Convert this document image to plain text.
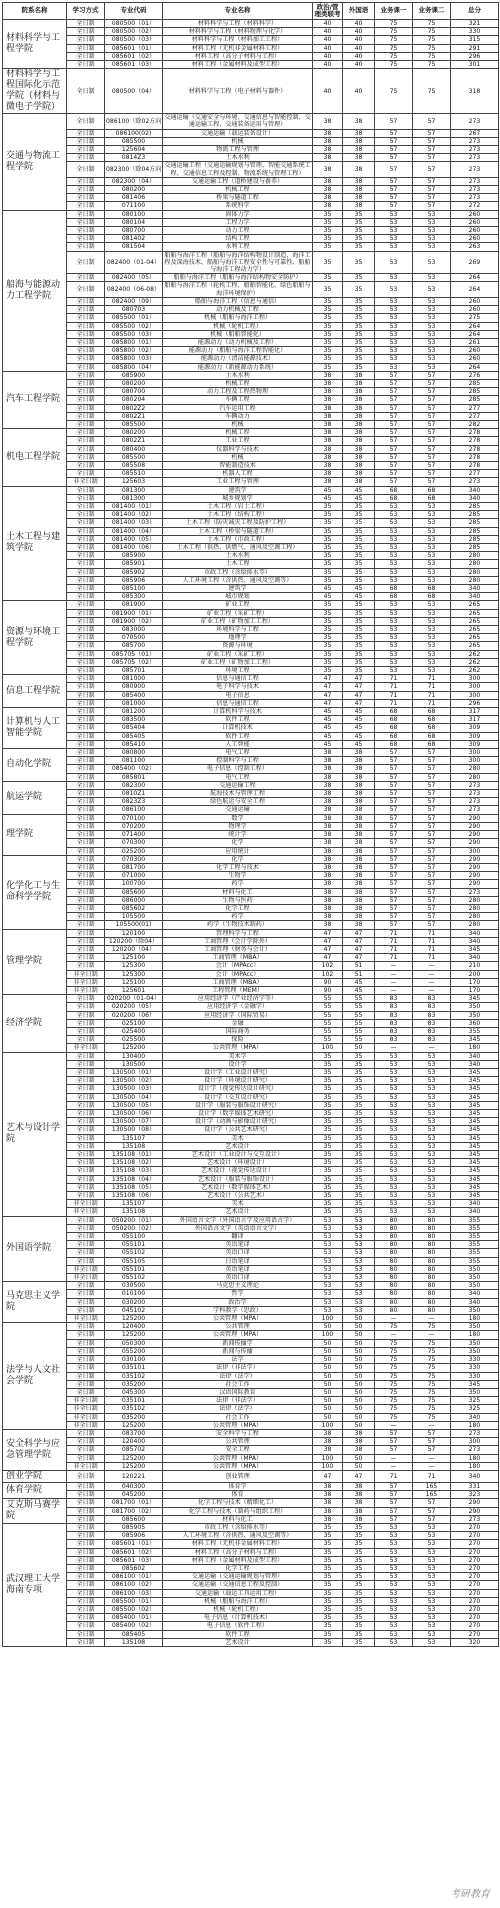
院系名称	学习方式	专业代码	专业名称	政治/管理类联考	外国语	业务课一	业务课二	总分
材料科学与工程学院	全日制	080500（01）	材料科学与工程（材料科学）	40	40	75	75	321
	全日制	080500（02）	材料科学与工程（材料物理与化学）	40	40	75	75	330
	全日制	080500（03）	材料科学与工程（材料加工工程）	40	40	75	75	315
	全日制	085601（01）	材料工程（无机非金属材料工程）	40	40	75	75	291
	全日制	085601（02）	材料工程（高分子材料与工程）	40	40	75	75	296
	全日制	085601（03）	材料工程（金属材料及成型工程）	40	40	75	75	301
材料科学与工程国际化示范学院（材料与微电子学院）	全日制	080500（04）	材料科学与工程（电子材料与器件）	40	40	75	75	318
交通与物流工程学院	全日制	086100（除02方向）	交通运输（交通安全与环境、交通信息与智能控制、交通运输工程、交通装备运用与管理）	38	38	57	57	273
	全日制	086100(02)	交通运输（载运装备设计）	38	38	57	57	267
	全日制	085500	机械	38	38	57	57	273
	全日制	125604	物流工程与管理	38	38	57	57	273
	全日制	0814Z3	土木水利	38	38	57	57	273
	全日制	082300（除04方向）	交通运输工程（交通运输规划与管理、智能交通系统工程、交通信息工程及控制、物流系统与管理工程）	38	38	57	57	273
	全日制	082300（04）	交通运输工程（道桥建设与養养）	38	38	57	57	273
	全日制	080200	机械工程	38	38	57	57	273
	全日制	081406	桥梁与隧道工程	38	38	57	57	273
	全日制	071100	系统科学	38	38	57	57	272
船海与能源动力工程学院	全日制	080100	固体力学	35	35	53	53	260
	全日制	080104	工程力学	35	35	53	53	260
	全日制	080700	动力工程	35	35	53	53	260
	全日制	081402	结构工程	35	35	53	53	260
	全日制	081504	水利工程	35	35	53	53	263
	全日制	082400（01-04）	船舶与海洋工程（船舶与海洋结构物设计制造、海洋工程及深海技术、船舶与海洋工程安全性与可靠性、船舶与海洋工程动力学）	35	35	53	53	269
	全日制	082400（05）	船舶与海洋工程（船舶与海洋结构物安全防护）	35	35	53	53	264
	全日制	082400（06-08）	船舶与海洋工程（轮机工程、船舶智能化、绿色船舶与海洋环境保护）	35	35	53	53	264
	全日制	082400（09）	船舶与海洋工程（信息与通信）	35	35	53	53	260
	全日制	080703	动力机械及工程	35	35	53	53	260
	全日制	085500（01）	机械（船舶与海洋工程）	35	35	53	53	275
	全日制	085500（02）	机械（轮机工程）	35	35	53	53	264
	全日制	085500（03）	机械（船舶智能化）	35	35	53	53	264
	全日制	085800（01）	能源动力（动力机械及工程）	35	35	53	53	261
	全日制	085800（02）	能源动力（船舶与海洋工程智能化）	35	35	53	53	260
	全日制	085800（03）	能源动力（清洁能源技术）	35	35	53	53	260
	全日制	085800（04）	能源动力（新能源动力系统）	35	35	53	53	264
汽车工程学院	全日制	085900	土木水利	38	38	57	57	276
	全日制	080200	机械工程	38	38	57	57	285
	全日制	080700	动力工程及工程热物理	38	38	57	57	285
	全日制	080204	车辆工程	38	38	57	57	285
	全日制	0802Z2	汽车运用工程	38	38	57	57	277
	全日制	0802Z1	车辆动力	38	38	57	57	277
	全日制	085500	机械	38	38	57	57	282
机电工程学院	全日制	080200	机械工程	38	38	57	57	278
	全日制	0802Z1	工业工程	38	38	57	57	278
	全日制	080400	仪器科学与技术	38	38	57	57	278
	全日制	085500	机械	38	38	57	57	278
	全日制	085508	智能制造技术	38	38	57	57	278
	全日制	085510	机器人工程	38	38	57	57	277
	非全日制	125603	工业工程与管理	38	38	57	57	273
土木工程与建筑学院	全日制	081300	建筑学	45	45	68	68	340
	全日制	081300	城乡规划学	45	45	68	68	340
	全日制	081400（01）	土木工程（岩土工程）	35	35	53	53	285
	全日制	081400（02）	土木工程（结构工程）	35	35	53	53	285
	全日制	081400（03）	土木工程（防灾减灾工程及防护工程）	35	35	53	53	285
	全日制	081400（04）	土木工程（桥梁与隧道工程）	35	35	53	53	285
	全日制	081400（05）	土木工程（市政工程）	35	35	53	53	285
	全日制	081400（06）	土木工程（供热、供燃气、通风及空调工程）	35	35	53	53	285
	全日制	085900	土木水利	35	35	53	53	280
	全日制	085901	土木工程	35	35	53	53	280
	全日制	085902	市政工程（含给排水等）	35	35	53	53	280
	全日制	085906	人工环境工程（含供热、通风及空调等）	35	35	53	53	280
	全日制	085100	建筑学	45	45	68	68	340
	全日制	085300	城市规划	45	45	68	68	340
资源与环境工程学院	全日制	081900	矿业工程	35	35	53	53	265
	全日制	081900（01）	矿业工程（采矿工程）	35	35	53	53	265
	全日制	081900（02）	矿业工程（矿物加工工程）	35	35	53	53	265
	全日制	083000	环境科学与工程	35	35	53	53	265
	全日制	070500	地理学	35	35	53	53	265
	全日制	085700	资源与环境	35	35	53	53	265
	全日制	085705（01）	矿业工程（采矿工程）	35	35	53	53	262
	全日制	085705（02）	矿业工程（矿物加工工程）	35	35	53	53	262
	全日制	085701	环境工程	35	35	53	53	262
信息工程学院	全日制	081000	信息与通信工程	47	47	71	71	300
	全日制	080900	电子科学与技术	47	47	71	71	300
	全日制	085400	电子信息	47	47	71	71	300
	全日制	081000	信息与通信工程	47	47	71	71	296
计算机与人工智能学院	全日制	081200	计算机科学与技术	45	45	68	68	317
	全日制	083500	软件工程	45	45	68	68	317
	全日制	085404	计算机技术	45	45	68	68	309
	全日制	085405	软件工程	45	45	68	68	309
	全日制	085410	人工智能	45	45	68	68	309
自动化学院	全日制	080800	电气工程	38	38	57	57	300
	全日制	081100	控制科学与工程	38	38	57	57	300
	全日制	085400（02）	电子信息（控制工程）	38	38	57	57	280
	全日制	085801	电气工程	38	38	57	57	280
航运学院	全日制	082300	交通运输工程	38	38	57	57	273
	全日制	0810Z1	航海技术与管理工程	38	38	57	57	273
	全日制	0823Z3	绿色航运与安全工程	38	38	57	57	273
	全日制	086100	交通运输	38	38	57	57	273
理学院	全日制	070100	数学	38	38	57	57	290
	全日制	070200	物理学	38	38	57	57	290
	全日制	071400	统计学	38	38	57	57	290
	全日制	070300	化学	38	38	57	57	290
	全日制	025200	应用统计	38	38	57	57	300
化学化工与生命科学学院	全日制	070300	化学	38	38	57	57	290
	全日制	081700	化学工程与技术	38	38	57	57	290
	全日制	071000	生物学	38	38	57	57	290
	全日制	100700	药学	38	38	57	57	290
	全日制	085600	材料与化工	38	38	57	57	273
	全日制	086000	生物与医药	38	38	57	57	280
	全日制	085602	化学工程	38	38	57	57	280
	全日制	105500	药学	38	38	57	57	280
	全日制	105500(01)	药学（生物技术制药）	38	38	57	57	280
管理学院	全日制	120100	管理科学与工程	47	47	71	71	340
	全日制	120200（除04）	工商管理（会计学除外）	47	47	71	71	340
	全日制	120200（04）	工商管理（财务与会计）	47	47	71	71	345
	全日制	125100	工商管理（MBA）	47	47	71	71	340
	全日制	125300	会计（MPAcc）	102	51	—	—	210
	非全日制	125300	会计（MPAcc）	102	51	—	—	200
	非全日制	125100	工商管理（MBA）	90	45	—	—	170
	非全日制	125601	工程管理（MEM）	90	45	—	—	170
经济学院	全日制	020200（01-04）	应用经济学（产业经济学等）	55	55	83	83	345
	全日制	020200（05）	应用经济学（金融学）	55	55	83	83	350
	全日制	020200（06）	应用经济学（国际贸易）	55	55	83	83	350
	全日制	025100	金融	55	55	83	83	360
	全日制	025400	国际商务	55	55	83	83	355
	全日制	025500	保险	55	55	83	83	345
	非全日制	125200	公共管理（MPA）	100	50	—	—	180
艺术与设计学院	全日制	130400	美术学	35	35	53	53	340
	全日制	130500	设计学	35	35	53	53	340
	全日制	130500（01）	设计学（工业设计研究）	35	35	53	53	345
	全日制	130500（02）	设计学（环境设计研究）	35	35	53	53	345
	全日制	130500（03）	设计学（视觉传达设计研究）	35	35	53	53	345
	全日制	130500（04）	设计学（交互设计研究）	35	35	53	53	345
	全日制	130500（05）	设计学（服装与服饰设计研究）	35	35	53	53	345
	全日制	130500（06）	设计学（数字媒体艺术研究）	35	35	53	53	345
	全日制	130500（07）	设计学（动画与影像设计研究）	35	35	53	53	345
	全日制	130500（08）	设计学（公共艺术研究）	35	35	53	53	345
	全日制	135107	美术	35	35	53	53	345
	全日制	135108	艺术设计	35	35	53	53	345
	全日制	135108（01）	艺术设计（工业设计与交互设计）	35	35	53	53	345
	全日制	135108（02）	艺术设计（环境设计）	35	35	53	53	345
	全日制	135108（03）	艺术设计（视觉传达设计）	35	35	53	53	345
	全日制	135108（04）	艺术设计（服装与服饰设计）	35	35	53	53	345
	全日制	135108（05）	艺术设计（数字媒体艺术）	35	35	53	53	345
	全日制	135108（06）	艺术设计（公共艺术）	35	35	53	53	345
	非全日制	135107	美术	35	35	53	53	340
	非全日制	135108	艺术设计	35	35	53	53	340
外国语学院	全日制	050200（01）	外国语言文学（外国语言学及应用语言学）	53	53	80	80	355
	全日制	050200（02）	外国语言文学（英语语言文学）	53	53	80	80	355
	全日制	055100	翻译	53	53	80	80	355
	全日制	055101	英语笔译	53	53	80	80	355
	全日制	055102	英语口译	53	53	80	80	355
	全日制	055105	日语笔译	53	53	80	80	355
	非全日制	055101	英语笔译	53	53	80	80	350
	非全日制	055102	英语口译	53	53	80	80	350
马克思主义学院	全日制	030500	马克思主义理论	53	53	80	80	350
	全日制	010100	哲学	53	53	80	80	340
	全日制	030200	政治学	53	53	80	80	340
	全日制	045102	学科教学（思政）	53	53	80	80	350
	非全日制	125200	公共管理（MPA）	100	50	—	—	180
法学与人文社会学院	全日制	120400	公共管理	50	50	75	75	350
	全日制	125200	公共管理（MPA）	100	50	—	—	180
	全日制	050300	新闻传播学	50	50	75	75	350
	全日制	055200	新闻与传播	50	50	75	75	350
	全日制	030100	法学	50	50	75	75	330
	全日制	035101	法律（非法学）	50	50	75	75	330
	全日制	035102	法律（法学）	50	50	75	75	330
	全日制	035200	社会工作	50	50	75	75	345
	全日制	045300	汉语国际教育	50	50	75	75	350
	非全日制	035101	法律（非法学）	50	50	75	75	325
	非全日制	035102	法律（法学）	50	50	75	75	325
	非全日制	035200	社会工作	50	50	75	75	340
	非全日制	125200	公共管理（MPA）	100	50	—	—	180
安全科学与应急管理学院	全日制	083700	安全科学与工程	38	38	57	57	273
	全日制	120400	公共管理	38	38	57	57	300
	全日制	085702	安全工程	38	38	57	57	273
	全日制	125200	公共管理（MPA）	100	50	—	—	180
	非全日制	125200	公共管理（MPA）	100	50	—	—	180
创业学院	全日制	120221	创业管理	47	47	71	71	340
体育学院	全日制	040300	体育学	38	38	57	165	331
	全日制	045200	体育	38	38	57	165	323
艾克斯马赛学院	全日制	081700（01）	化学工程与技术（精细化工）	38	38	57	57	290
	全日制	081700（02）	化学工程与技术（制药与组织工程）	38	38	57	57	290
	全日制	085600	材料与化工	38	38	57	57	273
武汉理工大学海南专项	全日制	085905	市政工程（含给排水等）	35	35	53	53	270
	全日制	085906	人工环境工程（含供热、通风及空调等）	35	35	53	53	270
	全日制	085601（01）	材料工程（无机非金属材料工程）	35	35	53	53	270
	全日制	085601（02）	材料工程（高分子材料与工程）	35	35	53	53	270
	全日制	085601（03）	材料工程（金属材料及成型工程）	35	35	53	53	270
	全日制	085602	化学工程	35	35	53	53	270
	全日制	086100（01）	交通运输（交通运输规划与管理）	35	35	53	53	270
	全日制	086100（02）	交通运输（交通信息工程及控制）	35	35	53	53	270
	全日制	086100（03）	交通运输（载运工具运用工程）	35	35	53	53	270
	全日制	085500（01）	机械（船舶与海洋工程）	35	35	53	53	270
	全日制	085500（02）	机械（轮机工程）	35	35	53	53	270
	全日制	085400（01）	电子信息（计算机技术）	35	35	53	53	270
	全日制	085400（02）	电子信息（软件工程）	35	35	53	53	270
	全日制	085405	软件工程	35	35	53	53	270
	全日制	135108	艺术设计	35	35	53	53	320
考研教育
